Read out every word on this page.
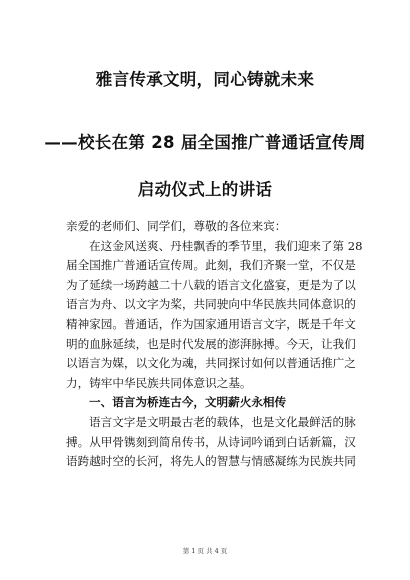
雅言传承文明，同心铸就未来
——校长在第 28 届全国推广普通话宣传周
启动仪式上的讲话
亲爱的老师们、同学们，尊敬的各位来宾：
在这金风送爽、丹桂飘香的季节里，我们迎来了第 28
届全国推广普通话宣传周。此刻，我们齐聚一堂，不仅是
为了延续一场跨越二十八载的语言文化盛宴，更是为了以
语言为舟、以文字为桨，共同驶向中华民族共同体意识的
精神家园。普通话，作为国家通用语言文字，既是千年文
明的血脉延续，也是时代发展的澎湃脉搏。今天，让我们
以语言为媒，以文化为魂，共同探讨如何以普通话推广之
力，铸牢中华民族共同体意识之基。
一、语言为桥连古今，文明薪火永相传
语言文字是文明最古老的载体，也是文化最鲜活的脉
搏。从甲骨镌刻到简帛传书，从诗词吟诵到白话新篇，汉
语跨越时空的长河，将先人的智慧与情感凝练为民族共同
第 1 页 共 4 页
